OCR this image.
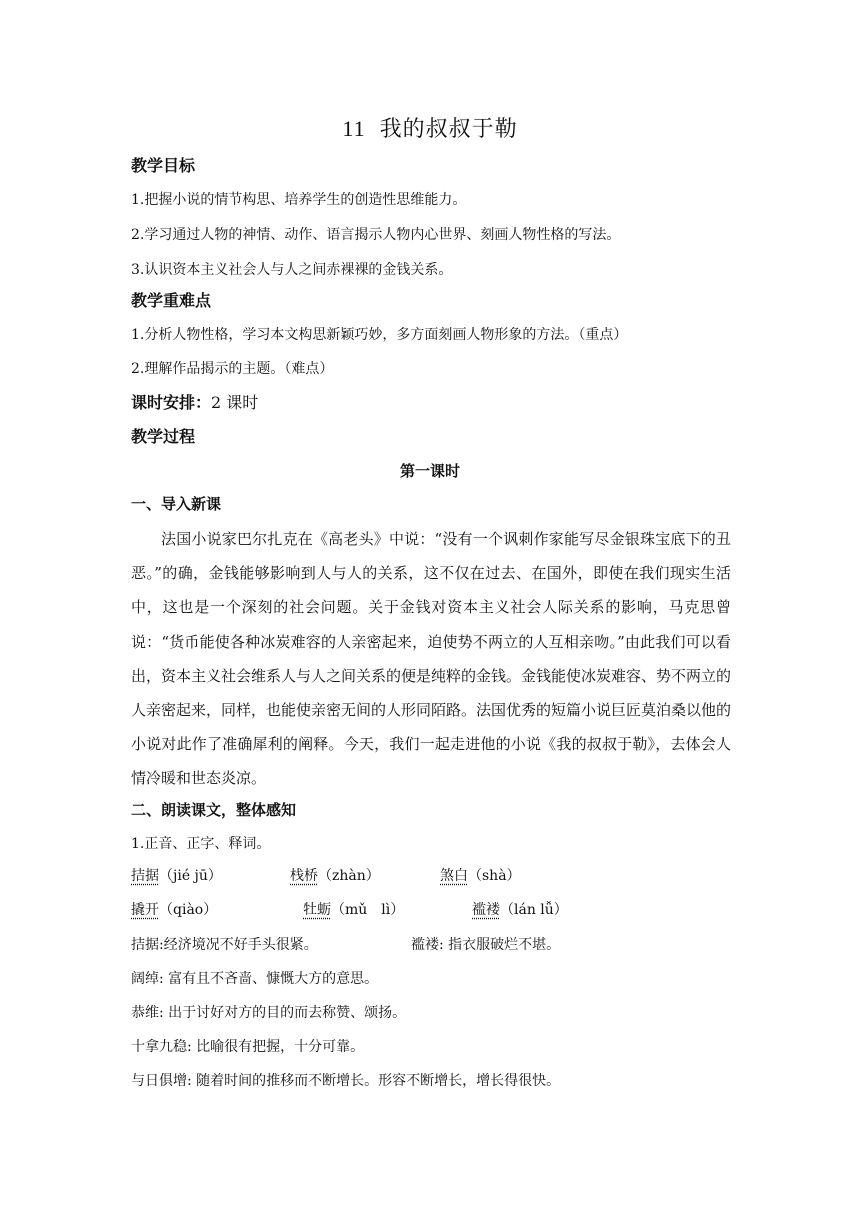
11 我的叔叔于勒
教学目标
1.把握小说的情节构思、培养学生的创造性思维能力。
2.学习通过人物的神情、动作、语言揭示人物内心世界、刻画人物性格的写法。
3.认识资本主义社会人与人之间赤裸裸的金钱关系。
教学重难点
1.分析人物性格，学习本文构思新颖巧妙，多方面刻画人物形象的方法。（重点）
2.理解作品揭示的主题。（难点）
课时安排：2 课时
教学过程
第一课时
一、导入新课
法国小说家巴尔扎克在《高老头》中说：“没有一个讽刺作家能写尽金银珠宝底下的丑恶。”的确，金钱能够影响到人与人的关系，这不仅在过去、在国外，即使在我们现实生活中，这也是一个深刻的社会问题。关于金钱对资本主义社会人际关系的影响，马克思曾说：“货币能使各种冰炭难容的人亲密起来，迫使势不两立的人互相亲吻。”由此我们可以看出，资本主义社会维系人与人之间关系的便是纯粹的金钱。金钱能使冰炭难容、势不两立的人亲密起来，同样，也能使亲密无间的人形同陌路。法国优秀的短篇小说巨匠莫泊桑以他的小说对此作了准确犀利的阐释。今天，我们一起走进他的小说《我的叔叔于勒》，去体会人情冷暖和世态炎凉。
二、朗读课文，整体感知
1.正音、正字、释词。
拮据（jié jū）	栈桥（zhàn）	煞白（shà）
撬开（qiào）	牡蛎（mǔ　lì）	褴褛（lán lǚ）
拮据:经济境况不好手头很紧。	褴褛: 指衣服破烂不堪。
阔绰: 富有且不吝啬、慷慨大方的意思。
恭维: 出于讨好对方的目的而去称赞、颂扬。
十拿九稳: 比喻很有把握，十分可靠。
与日俱增: 随着时间的推移而不断增长。形容不断增长，增长得很快。
